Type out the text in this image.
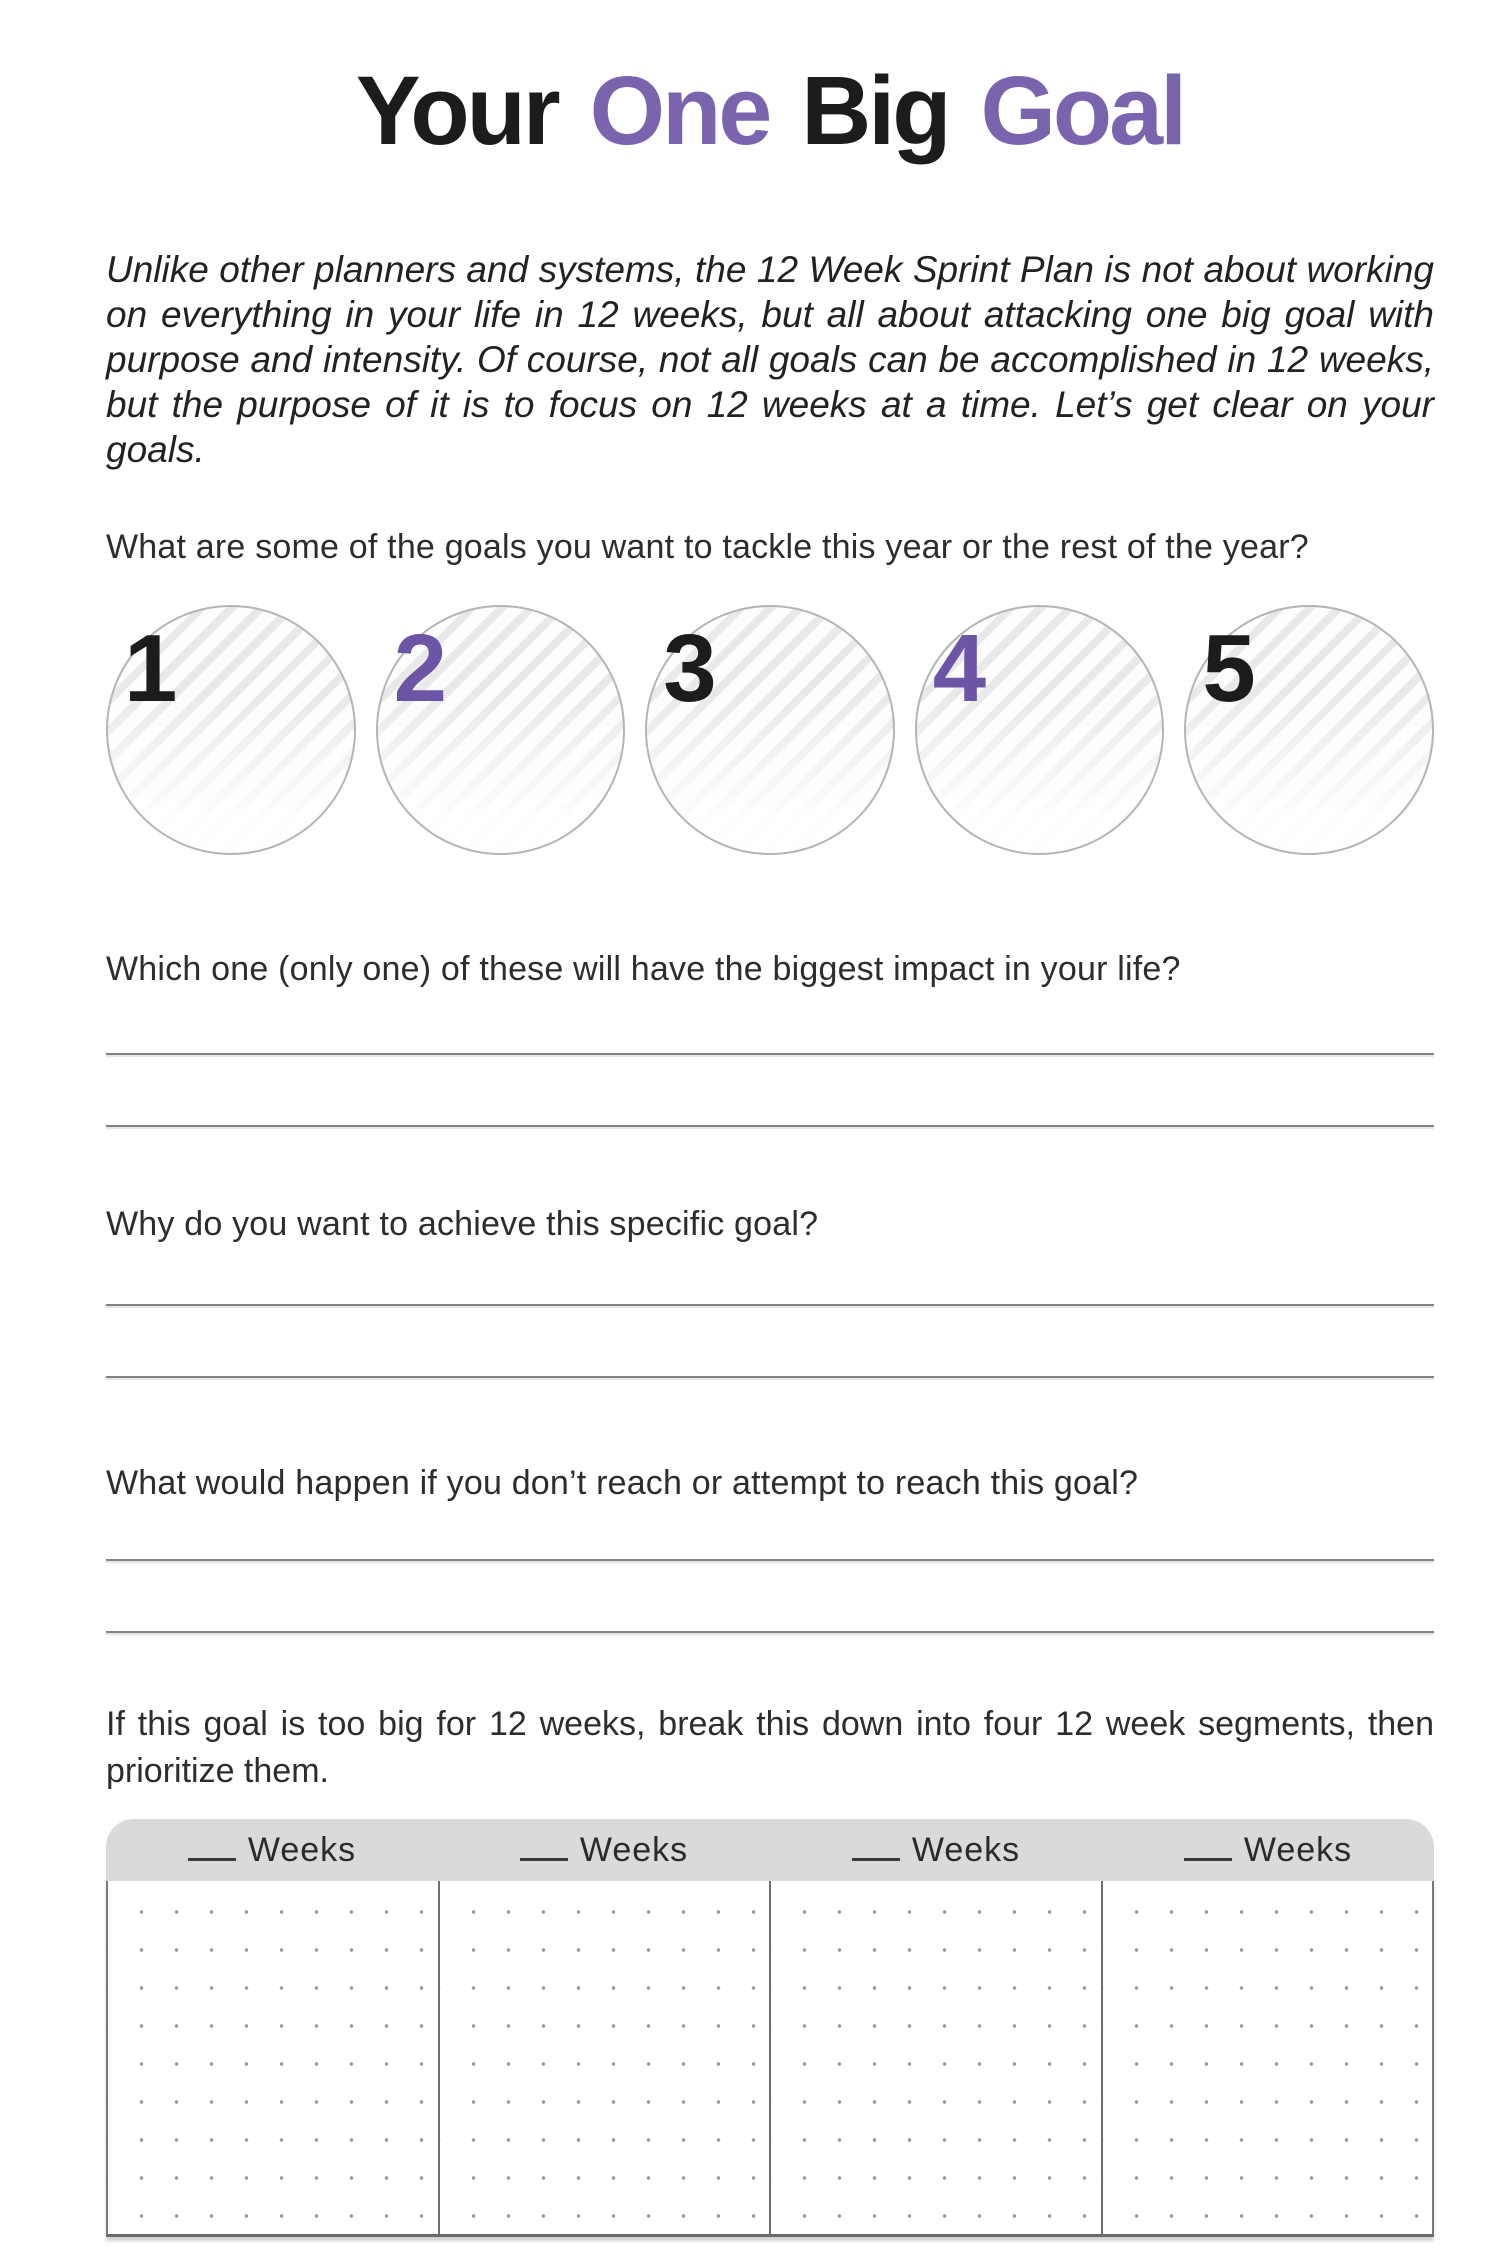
Your One Big Goal
Unlike other planners and systems, the 12 Week Sprint Plan is not about working
on everything in your life in 12 weeks, but all about attacking one big goal with
purpose and intensity. Of course, not all goals can be accomplished in 12 weeks,
but the purpose of it is to focus on 12 weeks at a time. Let’s get clear on your goals.
What are some of the goals you want to tackle this year or the rest of the year?
1 2 3 4 5
Which one (only one) of these will have the biggest impact in your life?
Why do you want to achieve this specific goal?
What would happen if you don’t reach or attempt to reach this goal?
If this goal is too big for 12 weeks, break this down into four 12 week segments, then
prioritize them.
Weeks	Weeks	Weeks	Weeks
